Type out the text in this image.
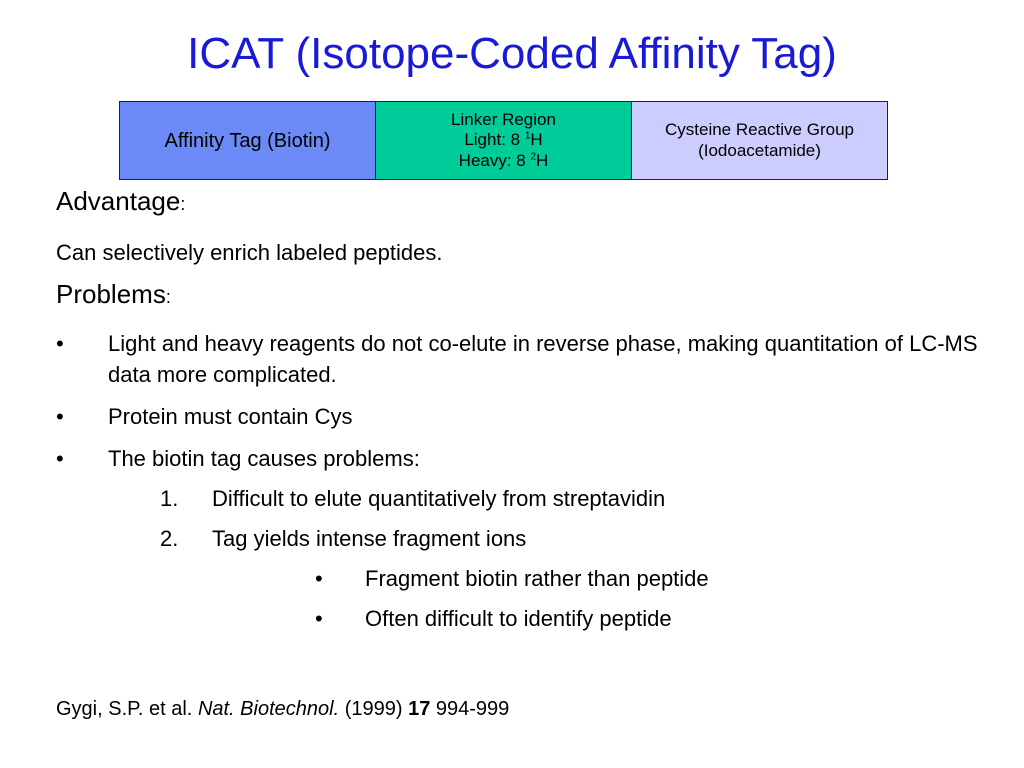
ICAT (Isotope-Coded Affinity Tag)
Affinity Tag (Biotin)
Linker Region
Light: 8 $^1$H
Heavy: 8 $^2$H
Cysteine Reactive Group
(Iodoacetamide)
Advantage:
Can selectively enrich labeled peptides.
Problems:
• Light and heavy reagents do not co-elute in reverse phase, making quantitation of LC-MS data more complicated.
• Protein must contain Cys
• The biotin tag causes problems:
1. Difficult to elute quantitatively from streptavidin
2. Tag yields intense fragment ions
• Fragment biotin rather than peptide
• Often difficult to identify peptide
Gygi, S.P. et al. Nat. Biotechnol. (1999) 17 994-999
